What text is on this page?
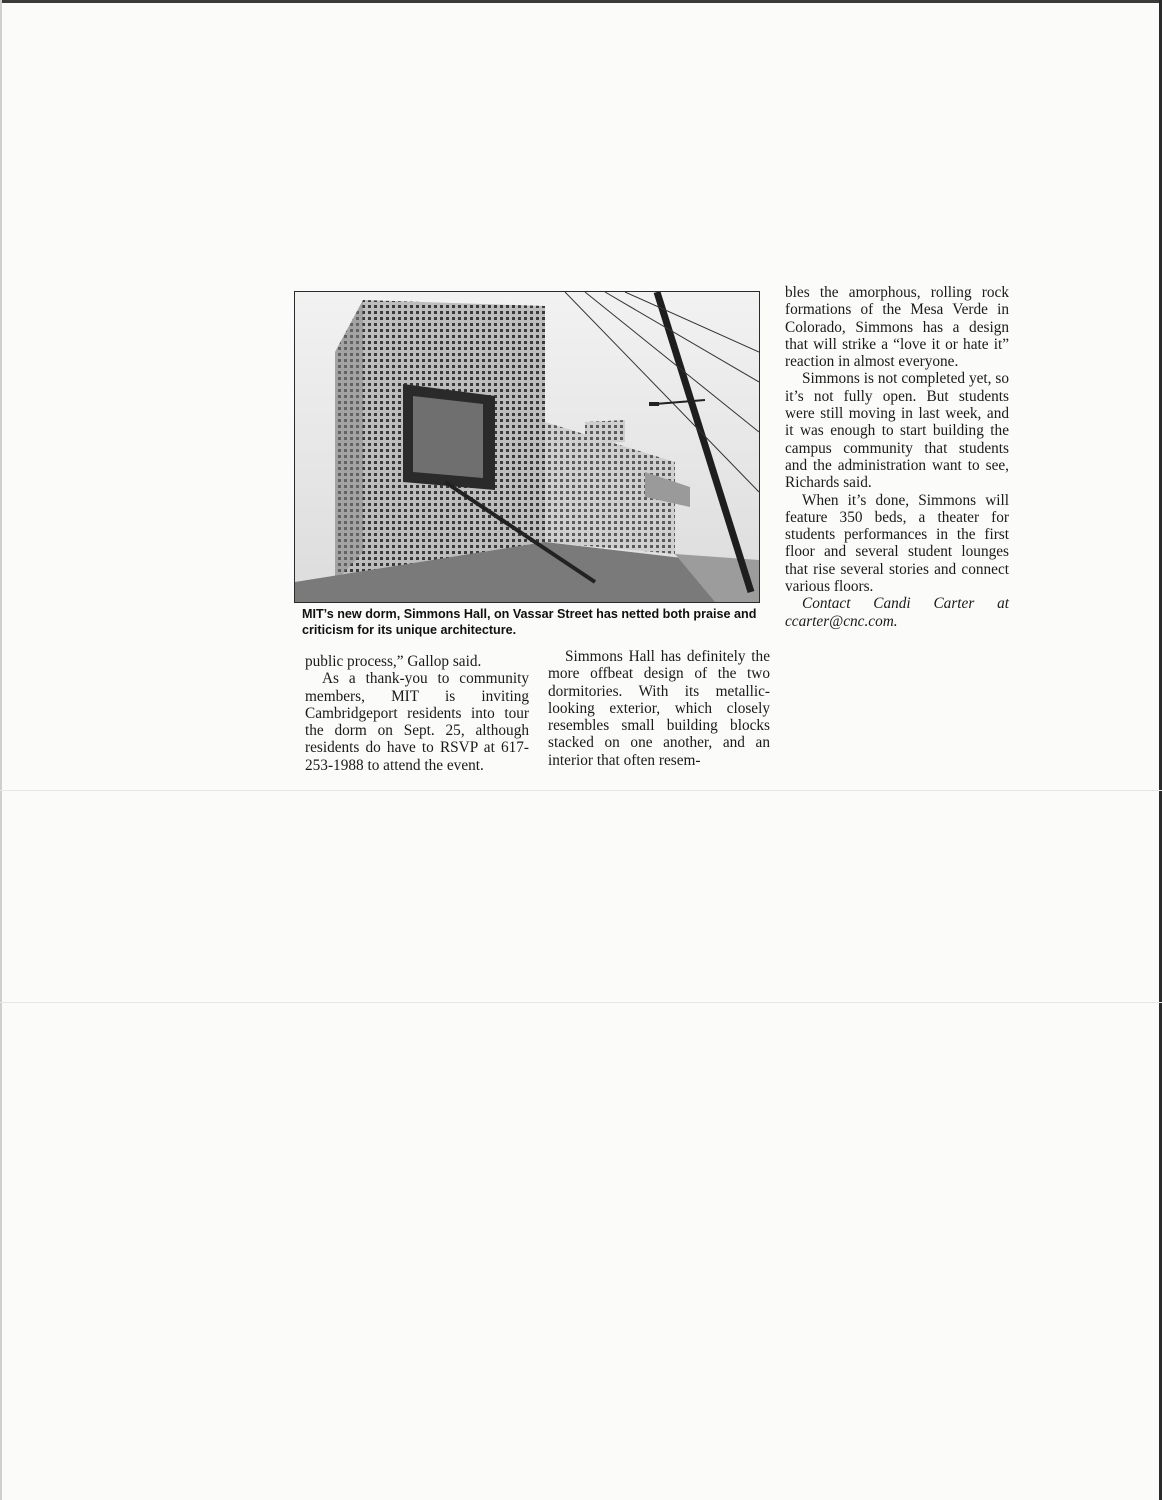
MIT’s new dorm, Simmons Hall, on Vassar Street has netted both praise and criticism for its unique architecture.

public process,” Gallop said.

As a thank-you to community members, MIT is inviting Cambridgeport residents into tour the dorm on Sept. 25, although residents do have to RSVP at 617-253-1988 to attend the event.

Simmons Hall has definitely the more offbeat design of the two dormitories. With its metallic-looking exterior, which closely resembles small building blocks stacked on one another, and an interior that often resem-

bles the amorphous, rolling rock formations of the Mesa Verde in Colorado, Simmons has a design that will strike a “love it or hate it” reaction in almost everyone.

Simmons is not completed yet, so it’s not fully open. But students were still moving in last week, and it was enough to start building the campus community that students and the administration want to see, Richards said.

When it’s done, Simmons will feature 350 beds, a theater for students performances in the first floor and several student lounges that rise several stories and connect various floors.

Contact Candi Carter at ccarter@cnc.com.
